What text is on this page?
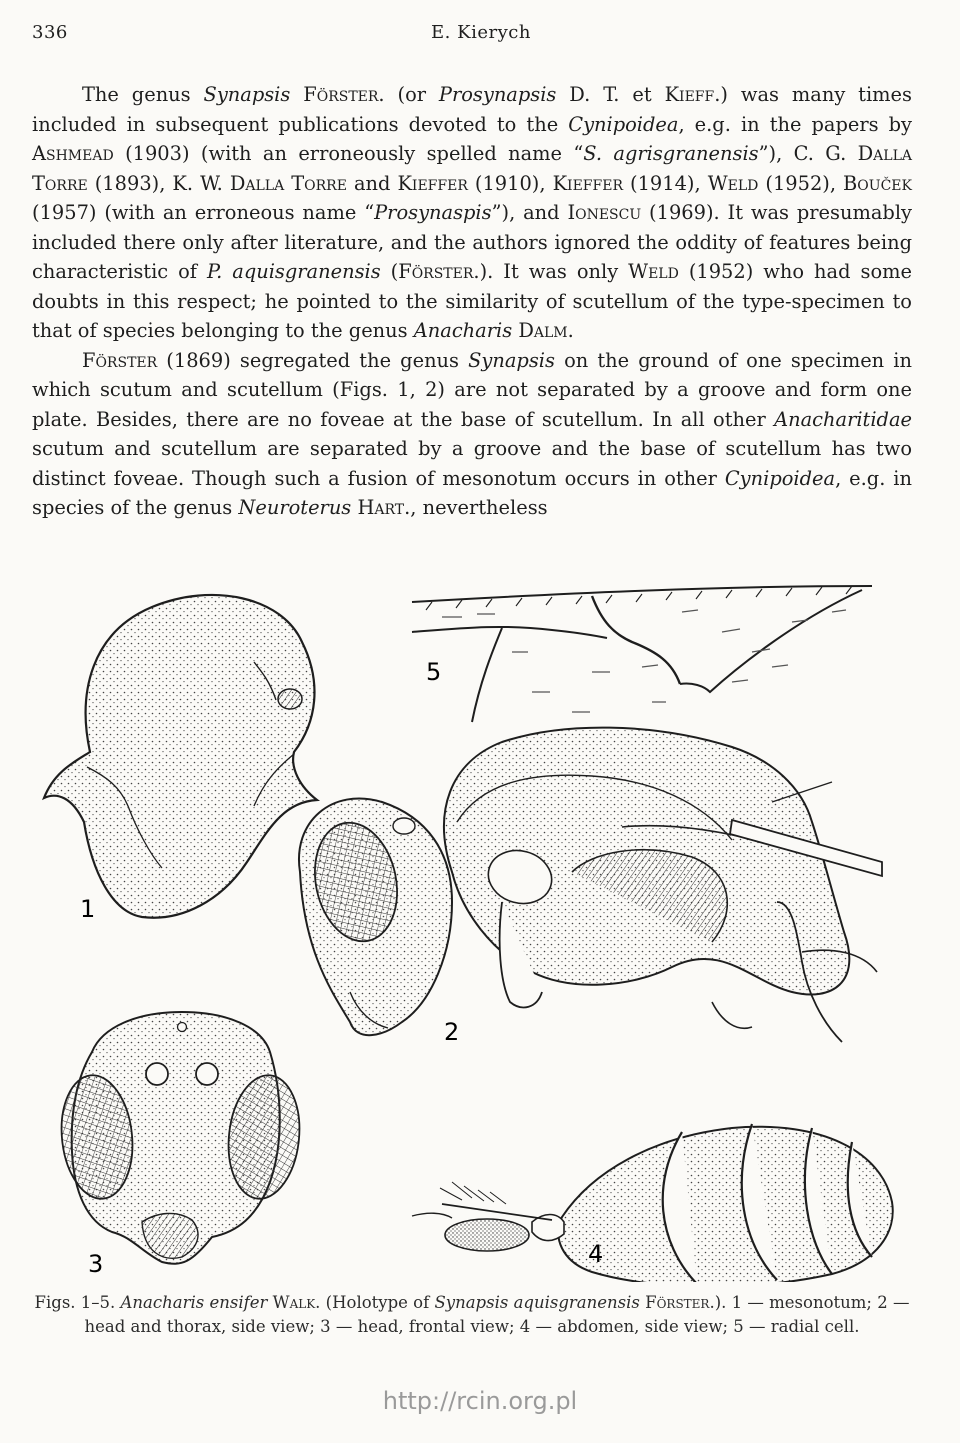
336	E. Kierych

The genus Synapsis Förster. (or Prosynapsis D. T. et Kieff.) was many times included in subsequent publications devoted to the Cynipoidea, e.g. in the papers by Ashmead (1903) (with an erroneously spelled name “S. agrisgranensis”), C. G. Dalla Torre (1893), K. W. Dalla Torre and Kieffer (1910), Kieffer (1914), Weld (1952), Bouček (1957) (with an erroneous name “Prosynaspis”), and Ionescu (1969). It was presumably included there only after literature, and the authors ignored the oddity of features being characteristic of P. aquisgranensis (Förster.). It was only Weld (1952) who had some doubts in this respect; he pointed to the similarity of scutellum of the type-specimen to that of species belonging to the genus Anacharis Dalm.

Förster (1869) segregated the genus Synapsis on the ground of one specimen in which scutum and scutellum (Figs. 1, 2) are not separated by a groove and form one plate. Besides, there are no foveae at the base of scutellum. In all other Anacharitidae scutum and scutellum are separated by a groove and the base of scutellum has two distinct foveae. Though such a fusion of mesonotum occurs in other Cynipoidea, e.g. in species of the genus Neuroterus Hart., nevertheless

1
2
3	4
5
Figs. 1–5. Anacharis ensifer Walk. (Holotype of Synapsis aquisgranensis Förster.). 1 — mesonotum; 2 — head and thorax, side view; 3 — head, frontal view; 4 — abdomen, side view; 5 — radial cell.
http://rcin.org.pl
